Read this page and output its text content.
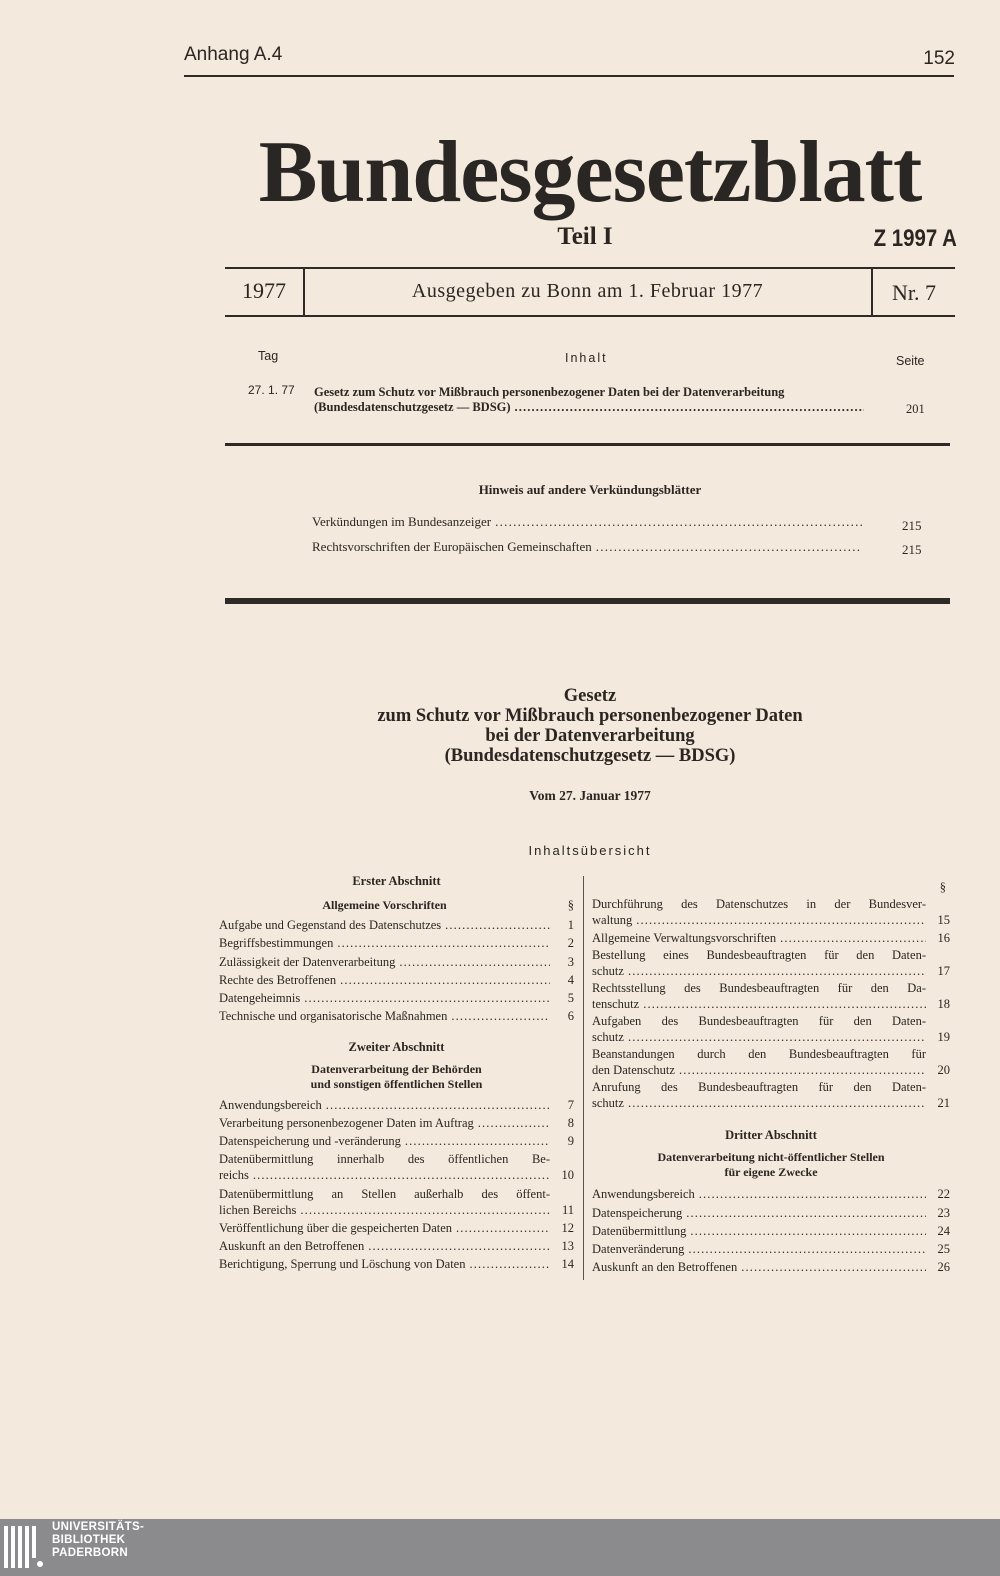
Anhang A.4	152
Bundesgesetzblatt
Teil I	Z 1997 A
1977	Ausgegeben zu Bonn am 1. Februar 1977	Nr. 7
Tag	Inhalt	Seite
27. 1. 77 Gesetz zum Schutz vor Mißbrauch personenbezogener Daten bei der Datenverarbeitung
(Bundesdatenschutzgesetz — BDSG) . . .	201
Hinweis auf andere Verkündungsblätter
Verkündungen im Bundesanzeiger . . .	215
Rechtsvorschriften der Europäischen Gemeinschaften . . .	215
Gesetz
zum Schutz vor Mißbrauch personenbezogener Daten
bei der Datenverarbeitung
(Bundesdatenschutzgesetz — BDSG)
Vom 27. Januar 1977
Inhaltsübersicht
Erster Abschnitt
Allgemeine Vorschriften	§
Aufgabe und Gegenstand des Datenschutzes . . .	1
Begriffsbestimmungen . . .	2
Zulässigkeit der Datenverarbeitung . . .	3
Rechte des Betroffenen . . .	4
Datengeheimnis . . .	5
Technische und organisatorische Maßnahmen . . .	6
Zweiter Abschnitt
Datenverarbeitung der Behörden
und sonstigen öffentlichen Stellen
Anwendungsbereich . . .	7
Verarbeitung personenbezogener Daten im Auftrag . . .	8
Datenspeicherung und -veränderung . . .	9
Datenübermittlung innerhalb des öffentlichen Be-
reichs . . .	10
Datenübermittlung an Stellen außerhalb des öffent-
lichen Bereichs . . .	11
Veröffentlichung über die gespeicherten Daten . . .	12
Auskunft an den Betroffenen . . .	13
Berichtigung, Sperrung und Löschung von Daten . . .	14
§
Durchführung des Datenschutzes in der Bundesver-
waltung . . .	15
Allgemeine Verwaltungsvorschriften . . .	16
Bestellung eines Bundesbeauftragten für den Daten-
schutz . . .	17
Rechtsstellung des Bundesbeauftragten für den Da-
tenschutz . . .	18
Aufgaben des Bundesbeauftragten für den Daten-
schutz . . .	19
Beanstandungen durch den Bundesbeauftragten für
den Datenschutz . . .	20
Anrufung des Bundesbeauftragten für den Daten-
schutz . . .	21
Dritter Abschnitt
Datenverarbeitung nicht-öffentlicher Stellen
für eigene Zwecke
Anwendungsbereich . . .	22
Datenspeicherung . . .	23
Datenübermittlung . . .	24
Datenveränderung . . .	25
Auskunft an den Betroffenen . . .	26
UNIVERSITÄTS-
BIBLIOTHEK
PADERBORN
